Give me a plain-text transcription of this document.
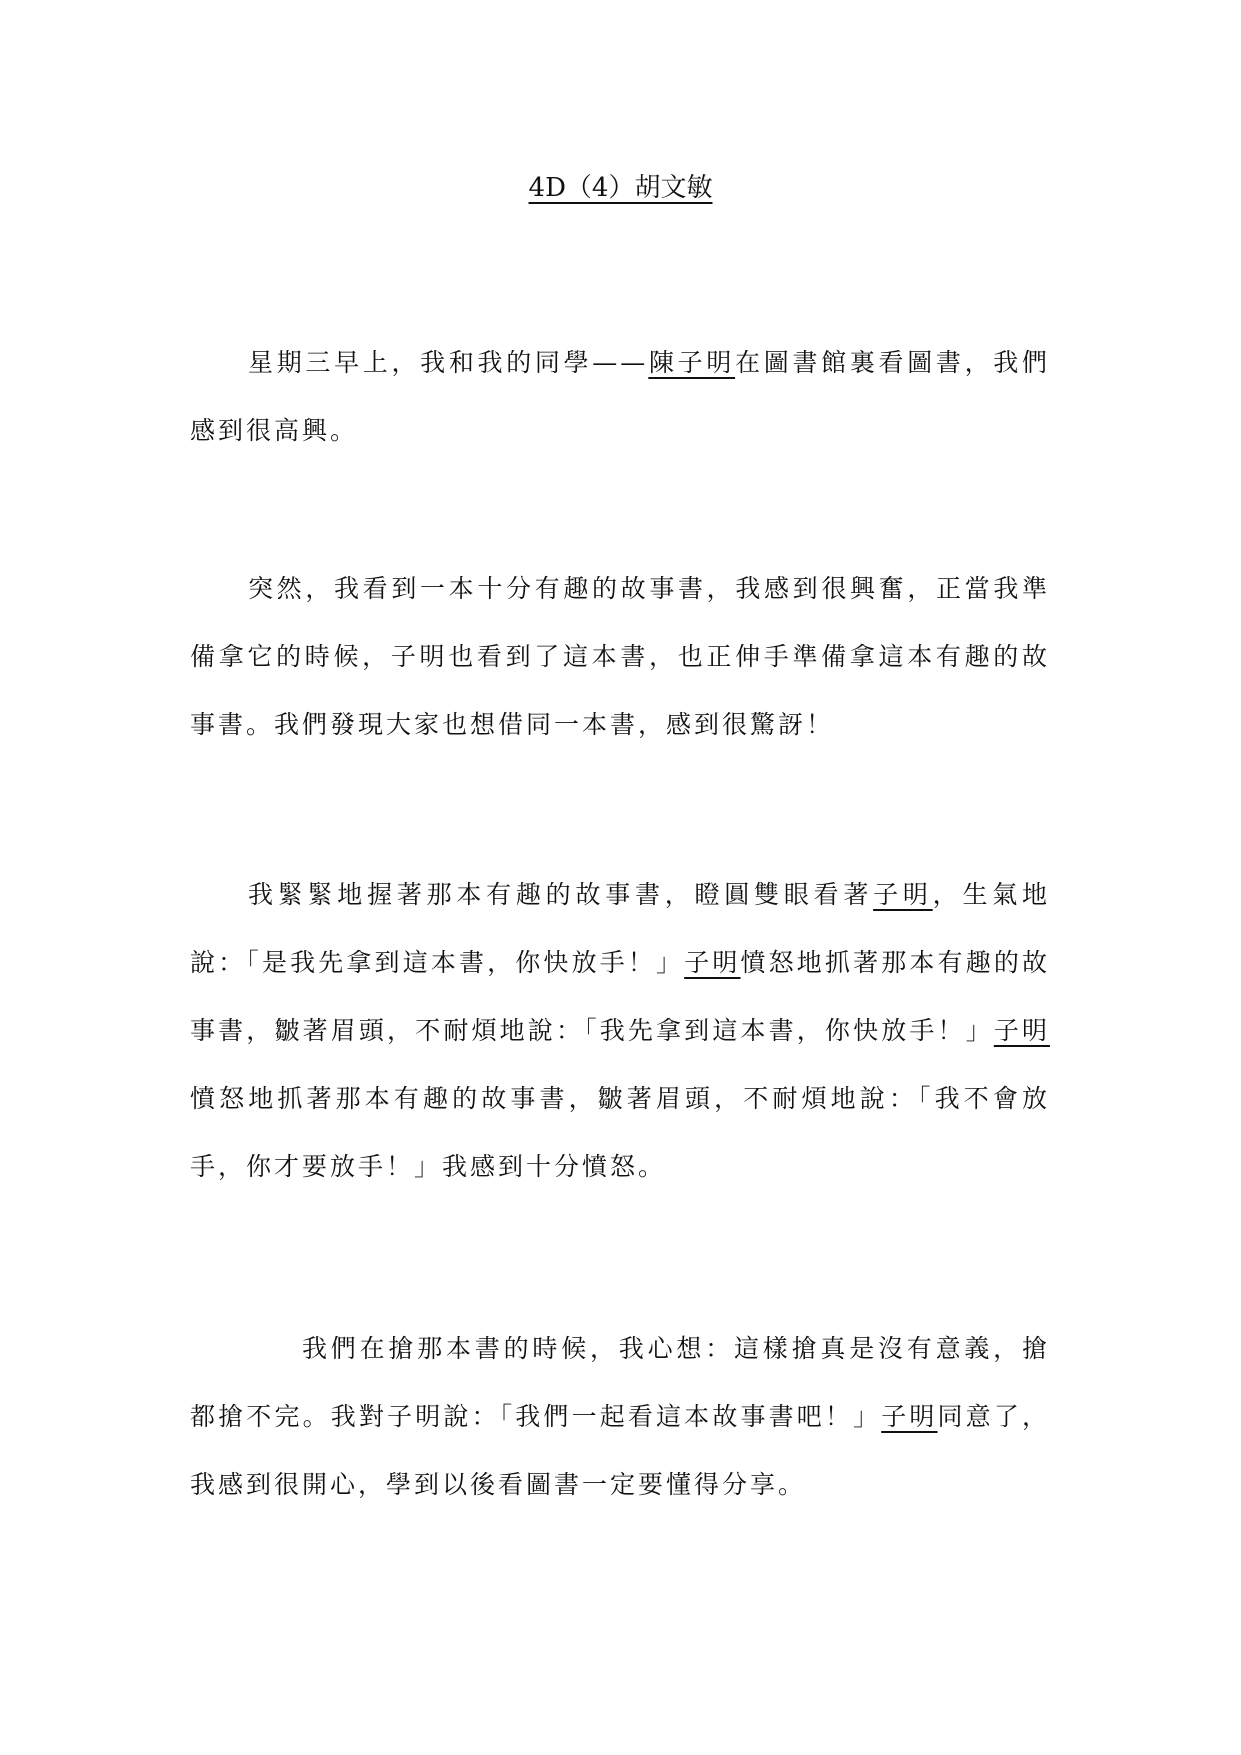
4D（4）胡文敏

星期三早上，我和我的同學——陳子明在圖書館裏看圖書，我們感到很高興。

突然，我看到一本十分有趣的故事書，我感到很興奮，正當我準備拿它的時候，子明也看到了這本書，也正伸手準備拿這本有趣的故事書。我們發現大家也想借同一本書，感到很驚訝！

我緊緊地握著那本有趣的故事書，瞪圓雙眼看著子明，生氣地說：「是我先拿到這本書，你快放手！」子明憤怒地抓著那本有趣的故事書，皺著眉頭，不耐煩地說：「我先拿到這本書，你快放手！」子明憤怒地抓著那本有趣的故事書，皺著眉頭，不耐煩地說：「我不會放手，你才要放手！」我感到十分憤怒。

我們在搶那本書的時候，我心想：這樣搶真是沒有意義，搶都搶不完。我對子明說：「我們一起看這本故事書吧！」子明同意了，我感到很開心，學到以後看圖書一定要懂得分享。
